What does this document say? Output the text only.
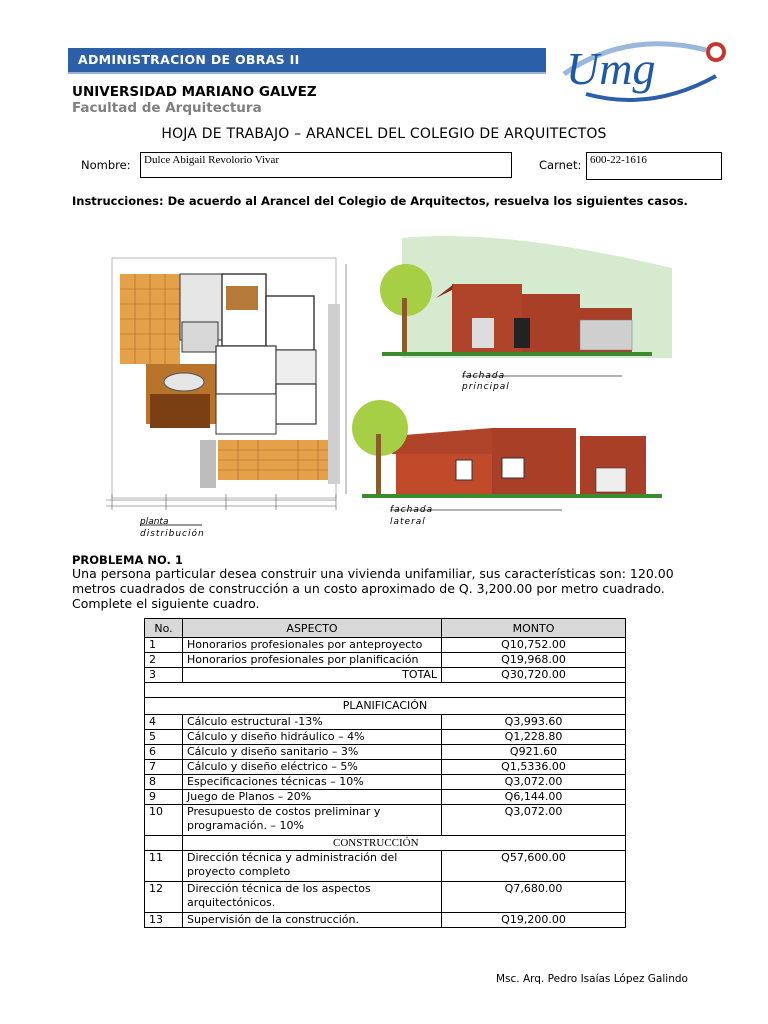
ADMINISTRACION DE OBRAS II	Umg
UNIVERSIDAD MARIANO GALVEZ
Facultad de Arquitectura
HOJA DE TRABAJO – ARANCEL DEL COLEGIO DE ARQUITECTOS
Nombre:	Dulce Abigail Revolorio Vivar	Carnet: 600-22-1616
Instrucciones: De acuerdo al Arancel del Colegio de Arquitectos, resuelva los siguientes casos.
planta
distribución
fachada
principal
fachada
lateral
PROBLEMA NO. 1
Una persona particular desea construir una vivienda unifamiliar, sus características son: 120.00 metros cuadrados de construcción a un costo aproximado de Q. 3,200.00 por metro cuadrado. Complete el siguiente cuadro.
No.	ASPECTO	MONTO
1	Honorarios profesionales por anteproyecto	Q10,752.00
2	Honorarios profesionales por planificación	Q19,968.00
3	TOTAL	Q30,720.00

PLANIFICACIÓN		
4	Cálculo estructural -13%	Q3,993.60
5	Cálculo y diseño hidráulico – 4%	Q1,228.80
6	Cálculo y diseño sanitario – 3%	Q921.60
7	Cálculo y diseño eléctrico – 5%	Q1,5336.00
8	Especificaciones técnicas – 10%	Q3,072.00
9	Juego de Planos – 20%	Q6,144.00
10	Presupuesto de costos preliminar y programación. – 10%	Q3,072.00
	CONSTRUCCIÓN	
11	Dirección técnica y administración del proyecto completo	Q57,600.00
12	Dirección técnica de los aspectos arquitectónicos.	Q7,680.00
13	Supervisión de la construcción.	Q19,200.00
Msc. Arq. Pedro Isaías López Galindo
